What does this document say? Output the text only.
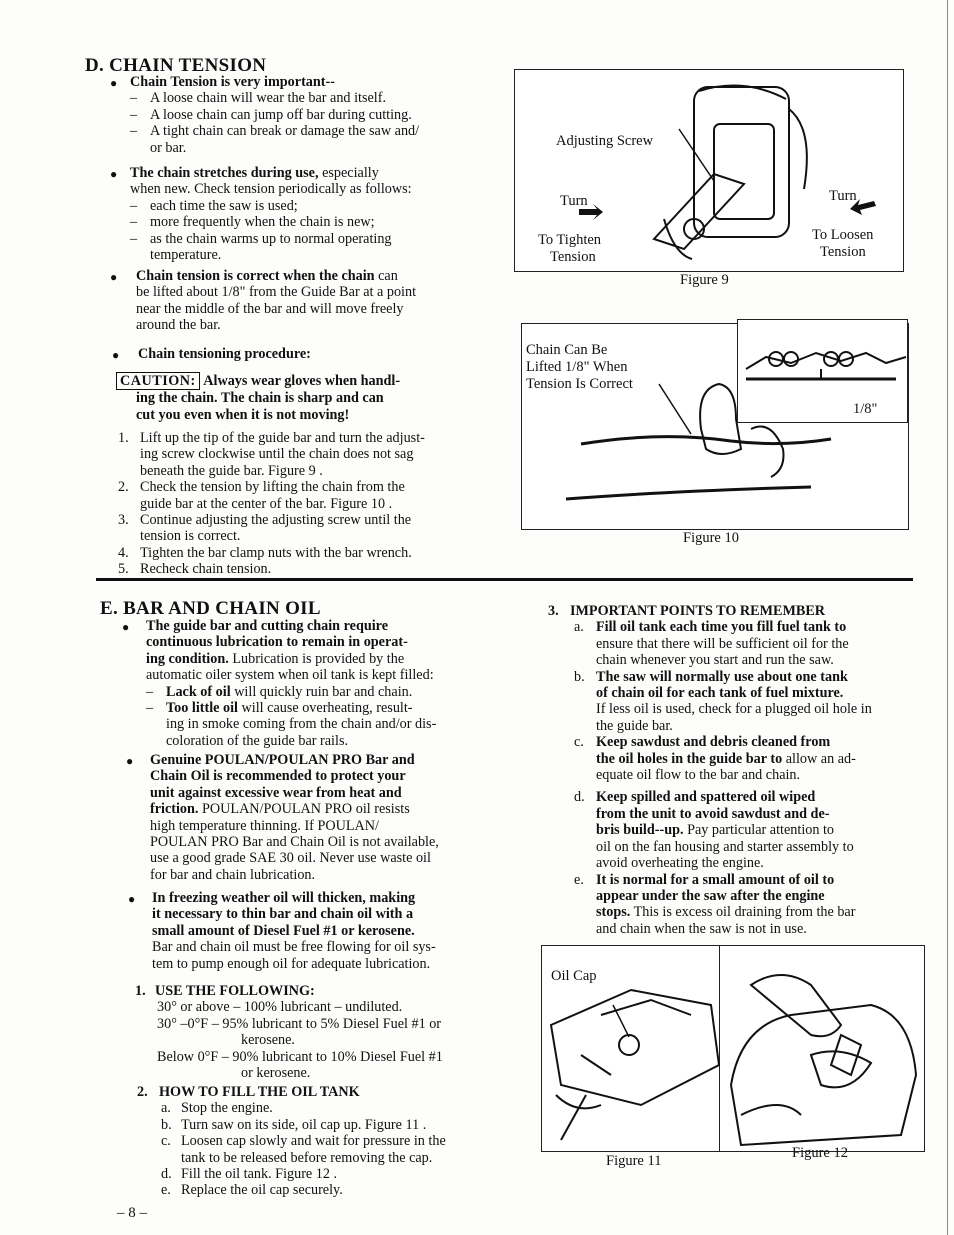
D. CHAIN TENSION
● Chain Tension is very important--
– A loose chain will wear the bar and itself.
– A loose chain can jump off bar during cutting.
– A tight chain can break or damage the saw and/
or bar.
● The chain stretches during use, especially
when new. Check tension periodically as follows:
– each time the saw is used;
– more frequently when the chain is new;
– as the chain warms up to normal operating
temperature.
●	Chain tension is correct when the chain can
be lifted about 1/8" from the Guide Bar at a point
near the middle of the bar and will move freely
around the bar.
●	Chain tensioning procedure:
CAUTION: Always wear gloves when handl-
ing the chain. The chain is sharp and can
cut you even when it is not moving!
1. Lift up the tip of the guide bar and turn the adjust-
ing screw clockwise until the chain does not sag
beneath the guide bar. Figure 9 .
2. Check the tension by lifting the chain from the
guide bar at the center of the bar. Figure 10 .
3. Continue adjusting the adjusting screw until the
tension is correct.
4. Tighten the bar clamp nuts with the bar wrench.
5. Recheck chain tension.
Adjusting Screw
Turn
To Tighten
Tension
Turn
To Loosen
Tension
Figure 9
Chain Can Be
Lifted 1/8" When
Tension Is Correct
1/8"
Figure 10
E. BAR AND CHAIN OIL
●	The guide bar and cutting chain require
continuous lubrication to remain in operat-
ing condition. Lubrication is provided by the
automatic oiler system when oil tank is kept filled:
– Lack of oil will quickly ruin bar and chain.
– Too little oil will cause overheating, result-
ing in smoke coming from the chain and/or dis-
coloration of the guide bar rails.
●	Genuine POULAN/POULAN PRO Bar and
Chain Oil is recommended to protect your
unit against excessive wear from heat and
friction. POULAN/POULAN PRO oil resists
high temperature thinning. If POULAN/
POULAN PRO Bar and Chain Oil is not available,
use a good grade SAE 30 oil. Never use waste oil
for bar and chain lubrication.
●	In freezing weather oil will thicken, making
it necessary to thin bar and chain oil with a
small amount of Diesel Fuel #1 or kerosene.
Bar and chain oil must be free flowing for oil sys-
tem to pump enough oil for adequate lubrication.
1. USE THE FOLLOWING:
30° or above – 100% lubricant – undiluted.
30° –0°F – 95% lubricant to 5% Diesel Fuel #1 or
kerosene.
Below 0°F – 90% lubricant to 10% Diesel Fuel #1
or kerosene.
2. HOW TO FILL THE OIL TANK
a. Stop the engine.
b. Turn saw on its side, oil cap up. Figure 11 .
c. Loosen cap slowly and wait for pressure in the
tank to be released before removing the cap.
d. Fill the oil tank. Figure 12 .
e. Replace the oil cap securely.
3. IMPORTANT POINTS TO REMEMBER
a. Fill oil tank each time you fill fuel tank to
ensure that there will be sufficient oil for the
chain whenever you start and run the saw.
b. The saw will normally use about one tank
of chain oil for each tank of fuel mixture.
If less oil is used, check for a plugged oil hole in
the guide bar.
c. Keep sawdust and debris cleaned from
the oil holes in the guide bar to allow an ad-
equate oil flow to the bar and chain.
d. Keep spilled and spattered oil wiped
from the unit to avoid sawdust and de-
bris build--up. Pay particular attention to
oil on the fan housing and starter assembly to
avoid overheating the engine.
e. It is normal for a small amount of oil to
appear under the saw after the engine
stops. This is excess oil draining from the bar
and chain when the saw is not in use.
Oil Cap
Figure 11	Figure 12
– 8 –
